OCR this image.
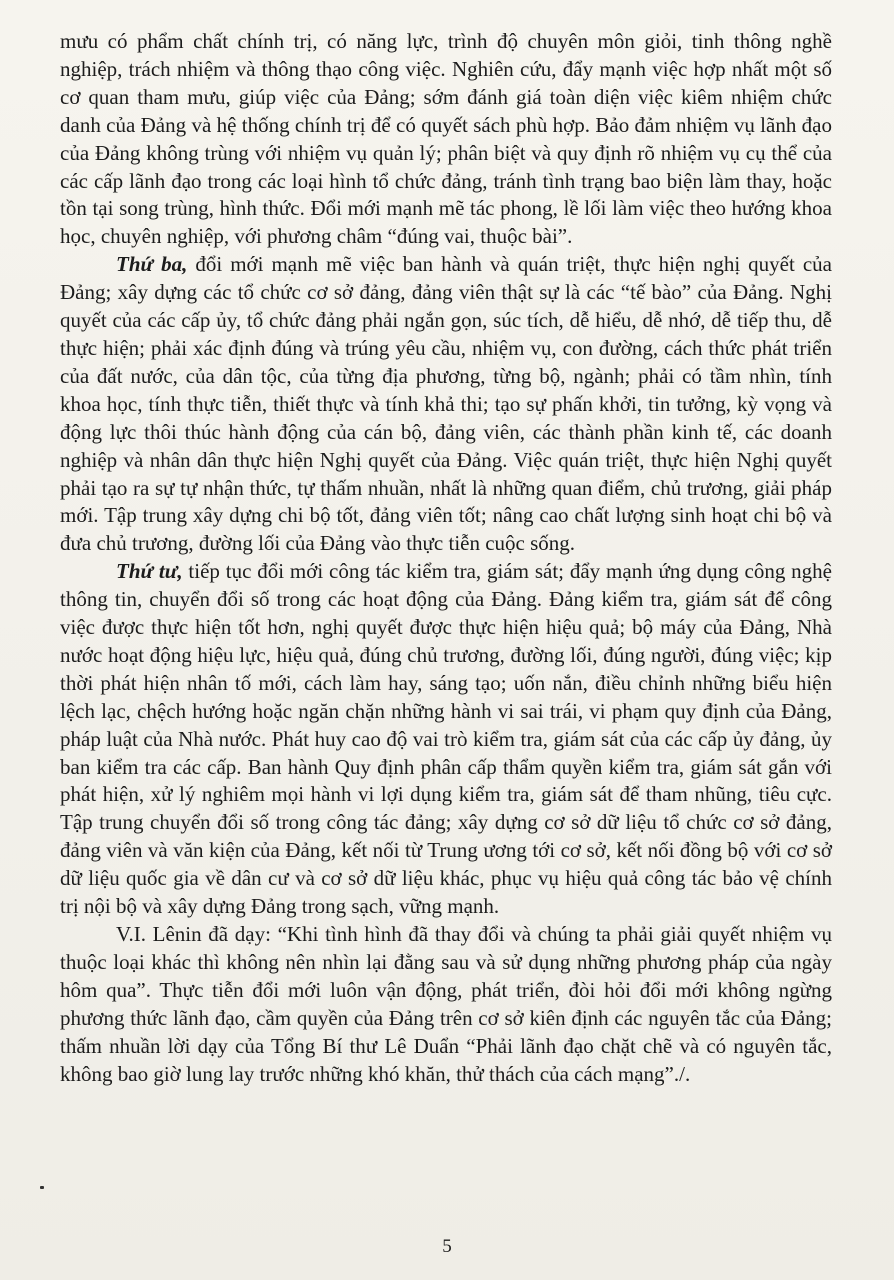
mưu có phẩm chất chính trị, có năng lực, trình độ chuyên môn giỏi, tinh thông nghề nghiệp, trách nhiệm và thông thạo công việc. Nghiên cứu, đẩy mạnh việc hợp nhất một số cơ quan tham mưu, giúp việc của Đảng; sớm đánh giá toàn diện việc kiêm nhiệm chức danh của Đảng và hệ thống chính trị để có quyết sách phù hợp. Bảo đảm nhiệm vụ lãnh đạo của Đảng không trùng với nhiệm vụ quản lý; phân biệt và quy định rõ nhiệm vụ cụ thể của các cấp lãnh đạo trong các loại hình tổ chức đảng, tránh tình trạng bao biện làm thay, hoặc tồn tại song trùng, hình thức. Đổi mới mạnh mẽ tác phong, lề lối làm việc theo hướng khoa học, chuyên nghiệp, với phương châm “đúng vai, thuộc bài”.

Thứ ba, đổi mới mạnh mẽ việc ban hành và quán triệt, thực hiện nghị quyết của Đảng; xây dựng các tổ chức cơ sở đảng, đảng viên thật sự là các “tế bào” của Đảng. Nghị quyết của các cấp ủy, tổ chức đảng phải ngắn gọn, súc tích, dễ hiểu, dễ nhớ, dễ tiếp thu, dễ thực hiện; phải xác định đúng và trúng yêu cầu, nhiệm vụ, con đường, cách thức phát triển của đất nước, của dân tộc, của từng địa phương, từng bộ, ngành; phải có tầm nhìn, tính khoa học, tính thực tiễn, thiết thực và tính khả thi; tạo sự phấn khởi, tin tưởng, kỳ vọng và động lực thôi thúc hành động của cán bộ, đảng viên, các thành phần kinh tế, các doanh nghiệp và nhân dân thực hiện Nghị quyết của Đảng. Việc quán triệt, thực hiện Nghị quyết phải tạo ra sự tự nhận thức, tự thấm nhuần, nhất là những quan điểm, chủ trương, giải pháp mới. Tập trung xây dựng chi bộ tốt, đảng viên tốt; nâng cao chất lượng sinh hoạt chi bộ và đưa chủ trương, đường lối của Đảng vào thực tiễn cuộc sống.

Thứ tư, tiếp tục đổi mới công tác kiểm tra, giám sát; đẩy mạnh ứng dụng công nghệ thông tin, chuyển đổi số trong các hoạt động của Đảng. Đảng kiểm tra, giám sát để công việc được thực hiện tốt hơn, nghị quyết được thực hiện hiệu quả; bộ máy của Đảng, Nhà nước hoạt động hiệu lực, hiệu quả, đúng chủ trương, đường lối, đúng người, đúng việc; kịp thời phát hiện nhân tố mới, cách làm hay, sáng tạo; uốn nắn, điều chỉnh những biểu hiện lệch lạc, chệch hướng hoặc ngăn chặn những hành vi sai trái, vi phạm quy định của Đảng, pháp luật của Nhà nước. Phát huy cao độ vai trò kiểm tra, giám sát của các cấp ủy đảng, ủy ban kiểm tra các cấp. Ban hành Quy định phân cấp thẩm quyền kiểm tra, giám sát gắn với phát hiện, xử lý nghiêm mọi hành vi lợi dụng kiểm tra, giám sát để tham nhũng, tiêu cực. Tập trung chuyển đổi số trong công tác đảng; xây dựng cơ sở dữ liệu tổ chức cơ sở đảng, đảng viên và văn kiện của Đảng, kết nối từ Trung ương tới cơ sở, kết nối đồng bộ với cơ sở dữ liệu quốc gia về dân cư và cơ sở dữ liệu khác, phục vụ hiệu quả công tác bảo vệ chính trị nội bộ và xây dựng Đảng trong sạch, vững mạnh.

V.I. Lênin đã dạy: “Khi tình hình đã thay đổi và chúng ta phải giải quyết nhiệm vụ thuộc loại khác thì không nên nhìn lại đằng sau và sử dụng những phương pháp của ngày hôm qua”. Thực tiễn đổi mới luôn vận động, phát triển, đòi hỏi đổi mới không ngừng phương thức lãnh đạo, cầm quyền của Đảng trên cơ sở kiên định các nguyên tắc của Đảng; thấm nhuần lời dạy của Tổng Bí thư Lê Duẩn “Phải lãnh đạo chặt chẽ và có nguyên tắc, không bao giờ lung lay trước những khó khăn, thử thách của cách mạng”./.

5
